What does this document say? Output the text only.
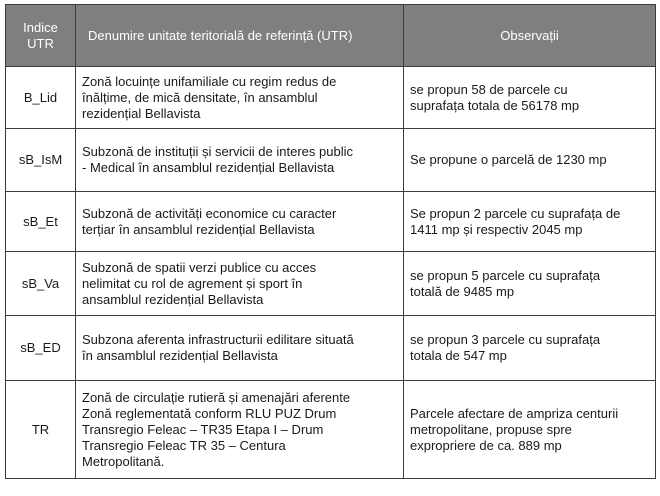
Indice UTR	Denumire unitate teritorială de referință (UTR)	Observații
B_Lid	Zonă locuințe unifamiliale cu regim redus de
înălțime, de mică densitate, în ansamblul
rezidențial Bellavista	se propun 58 de parcele cu
suprafața totala de 56178 mp

sB_IsM	Subzonă de instituții și servicii de interes public
- Medical în ansamblul rezidențial Bellavista	Se propune o parcelă de 1230 mp

sB_Et	Subzonă de activități economice cu caracter
terțiar în ansamblul rezidențial Bellavista	Se propun 2 parcele cu suprafața de
1411 mp și respectiv 2045 mp

sB_Va	Subzonă de spatii verzi publice cu acces
nelimitat cu rol de agrement și sport în
ansamblul rezidențial Bellavista	se propun 5 parcele cu suprafața
totală de 9485 mp

sB_ED	Subzona aferenta infrastructurii edilitare situată
în ansamblul rezidențial Bellavista	se propun 3 parcele cu suprafața
totala de 547 mp

TR	Zonă de circulație rutieră și amenajări aferente
Zonă reglementată conform RLU PUZ Drum
Transregio Feleac – TR35 Etapa I – Drum
Transregio Feleac TR 35 – Centura
Metropolitană.	Parcele afectare de ampriza centurii
metropolitane, propuse spre
expropriere de ca. 889 mp
